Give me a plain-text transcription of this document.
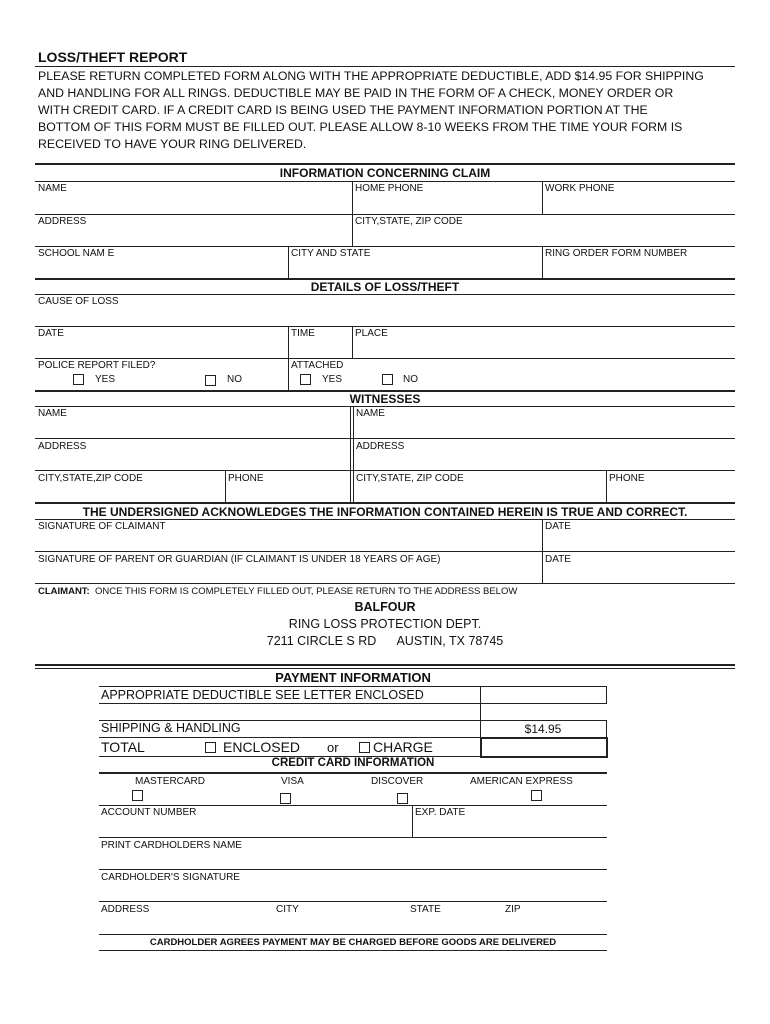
LOSS/THEFT REPORT
PLEASE RETURN COMPLETED FORM ALONG WITH THE APPROPRIATE DEDUCTIBLE, ADD $14.95 FOR SHIPPING
AND HANDLING FOR ALL RINGS. DEDUCTIBLE MAY BE PAID IN THE FORM OF A CHECK, MONEY ORDER OR
WITH CREDIT CARD. IF A CREDIT CARD IS BEING USED THE PAYMENT INFORMATION PORTION AT THE
BOTTOM OF THIS FORM MUST BE FILLED OUT. PLEASE ALLOW 8-10 WEEKS FROM THE TIME YOUR FORM IS
RECEIVED TO HAVE YOUR RING DELIVERED.
INFORMATION CONCERNING CLAIM
NAME	HOME PHONE	WORK PHONE
ADDRESS	CITY,STATE, ZIP CODE
SCHOOL NAM E	CITY AND STATE	RING ORDER FORM NUMBER
DETAILS OF LOSS/THEFT
CAUSE OF LOSS
DATE	TIME	PLACE
POLICE REPORT FILED?
YES	NO
ATTACHED
YES	NO
WITNESSES
NAME	NAME
ADDRESS	ADDRESS
CITY,STATE,ZIP CODE	PHONE	CITY,STATE, ZIP CODE	PHONE
THE UNDERSIGNED ACKNOWLEDGES THE INFORMATION CONTAINED HEREIN IS TRUE AND CORRECT.
SIGNATURE OF CLAIMANT	DATE
SIGNATURE OF PARENT OR GUARDIAN (IF CLAIMANT IS UNDER 18 YEARS OF AGE)	DATE
CLAIMANT: ONCE THIS FORM IS COMPLETELY FILLED OUT, PLEASE RETURN TO THE ADDRESS BELOW
BALFOUR
RING LOSS PROTECTION DEPT.
7211 CIRCLE S RD AUSTIN, TX 78745
PAYMENT INFORMATION
APPROPRIATE DEDUCTIBLE SEE LETTER ENCLOSED
SHIPPING & HANDLING	$14.95
TOTAL	ENCLOSED or CHARGE
CREDIT CARD INFORMATION
MASTERCARD	VISA	DISCOVER	AMERICAN EXPRESS
ACCOUNT NUMBER	EXP. DATE
PRINT CARDHOLDERS NAME
CARDHOLDER'S SIGNATURE
ADDRESS	CITY	STATE	ZIP
CARDHOLDER AGREES PAYMENT MAY BE CHARGED BEFORE GOODS ARE DELIVERED
